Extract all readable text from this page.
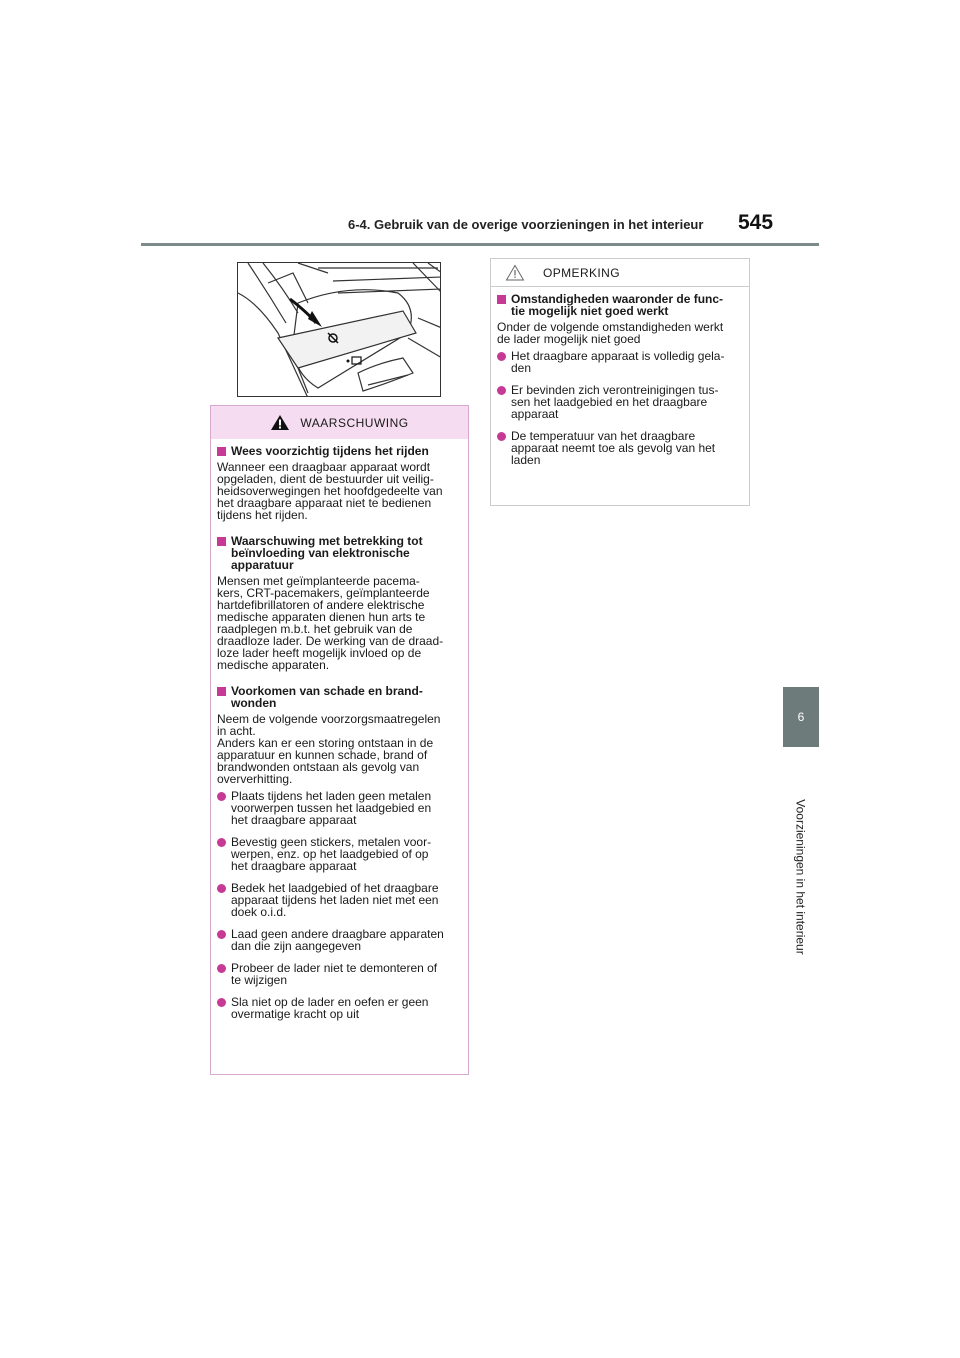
6-4. Gebruik van de overige voorzieningen in het interieur 545
6
Voorzieningen in het interieur
WAARSCHUWING
Wees voorzichtig tijdens het rijden
Wanneer een draagbaar apparaat wordt
opgeladen, dient de bestuurder uit veilig-
heidsoverwegingen het hoofdgedeelte van
het draagbare apparaat niet te bedienen
tijdens het rijden.
Waarschuwing met betrekking tot
beïnvloeding van elektronische
apparatuur
Mensen met geïmplanteerde pacema-
kers, CRT-pacemakers, geïmplanteerde
hartdefibrillatoren of andere elektrische
medische apparaten dienen hun arts te
raadplegen m.b.t. het gebruik van de
draadloze lader. De werking van de draad-
loze lader heeft mogelijk invloed op de
medische apparaten.
Voorkomen van schade en brand-
wonden
Neem de volgende voorzorgsmaatregelen
in acht.
Anders kan er een storing ontstaan in de
apparatuur en kunnen schade, brand of
brandwonden ontstaan als gevolg van
oververhitting.
Plaats tijdens het laden geen metalen
voorwerpen tussen het laadgebied en
het draagbare apparaat
Bevestig geen stickers, metalen voor-
werpen, enz. op het laadgebied of op
het draagbare apparaat
Bedek het laadgebied of het draagbare
apparaat tijdens het laden niet met een
doek o.i.d.
Laad geen andere draagbare apparaten
dan die zijn aangegeven
Probeer de lader niet te demonteren of
te wijzigen
Sla niet op de lader en oefen er geen
overmatige kracht op uit
OPMERKING
Omstandigheden waaronder de func-
tie mogelijk niet goed werkt
Onder de volgende omstandigheden werkt
de lader mogelijk niet goed
Het draagbare apparaat is volledig gela-
den
Er bevinden zich verontreinigingen tus-
sen het laadgebied en het draagbare
apparaat
De temperatuur van het draagbare
apparaat neemt toe als gevolg van het
laden
